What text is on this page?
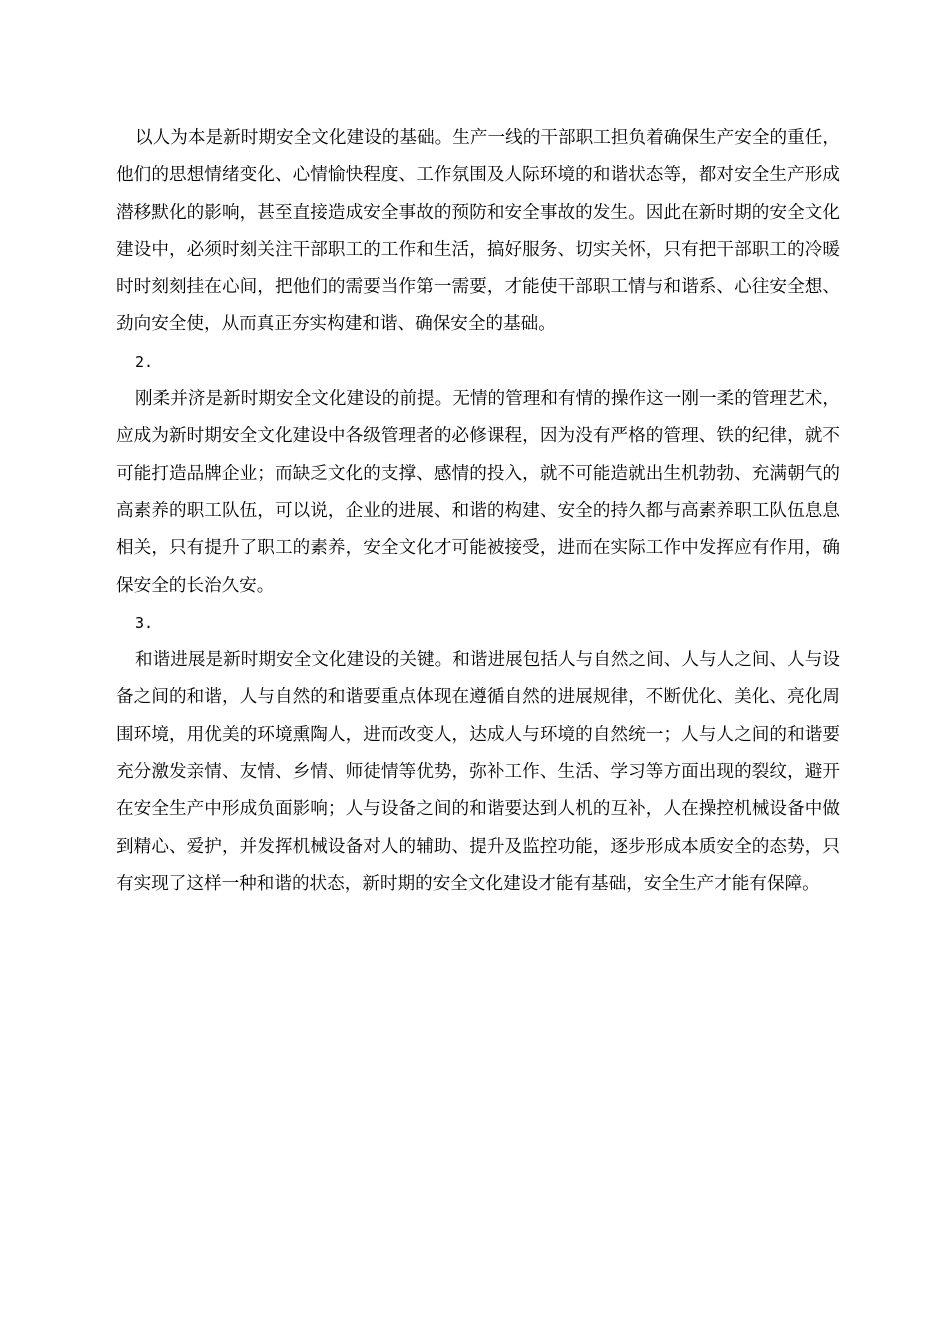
以人为本是新时期安全文化建设的基础。生产一线的干部职工担负着确保生产安全的重任，他们的思想情绪变化、心情愉快程度、工作氛围及人际环境的和谐状态等，都对安全生产形成潜移默化的影响，甚至直接造成安全事故的预防和安全事故的发生。因此在新时期的安全文化建设中，必须时刻关注干部职工的工作和生活，搞好服务、切实关怀，只有把干部职工的冷暖时时刻刻挂在心间，把他们的需要当作第一需要，才能使干部职工情与和谐系、心往安全想、劲向安全使，从而真正夯实构建和谐、确保安全的基础。

2.

刚柔并济是新时期安全文化建设的前提。无情的管理和有情的操作这一刚一柔的管理艺术，应成为新时期安全文化建设中各级管理者的必修课程，因为没有严格的管理、铁的纪律，就不可能打造品牌企业；而缺乏文化的支撑、感情的投入，就不可能造就出生机勃勃、充满朝气的高素养的职工队伍，可以说，企业的进展、和谐的构建、安全的持久都与高素养职工队伍息息相关，只有提升了职工的素养，安全文化才可能被接受，进而在实际工作中发挥应有作用，确保安全的长治久安。

3.

和谐进展是新时期安全文化建设的关键。和谐进展包括人与自然之间、人与人之间、人与设备之间的和谐，人与自然的和谐要重点体现在遵循自然的进展规律，不断优化、美化、亮化周围环境，用优美的环境熏陶人，进而改变人，达成人与环境的自然统一；人与人之间的和谐要充分激发亲情、友情、乡情、师徒情等优势，弥补工作、生活、学习等方面出现的裂纹，避开在安全生产中形成负面影响；人与设备之间的和谐要达到人机的互补，人在操控机械设备中做到精心、爱护，并发挥机械设备对人的辅助、提升及监控功能，逐步形成本质安全的态势，只有实现了这样一种和谐的状态，新时期的安全文化建设才能有基础，安全生产才能有保障。
